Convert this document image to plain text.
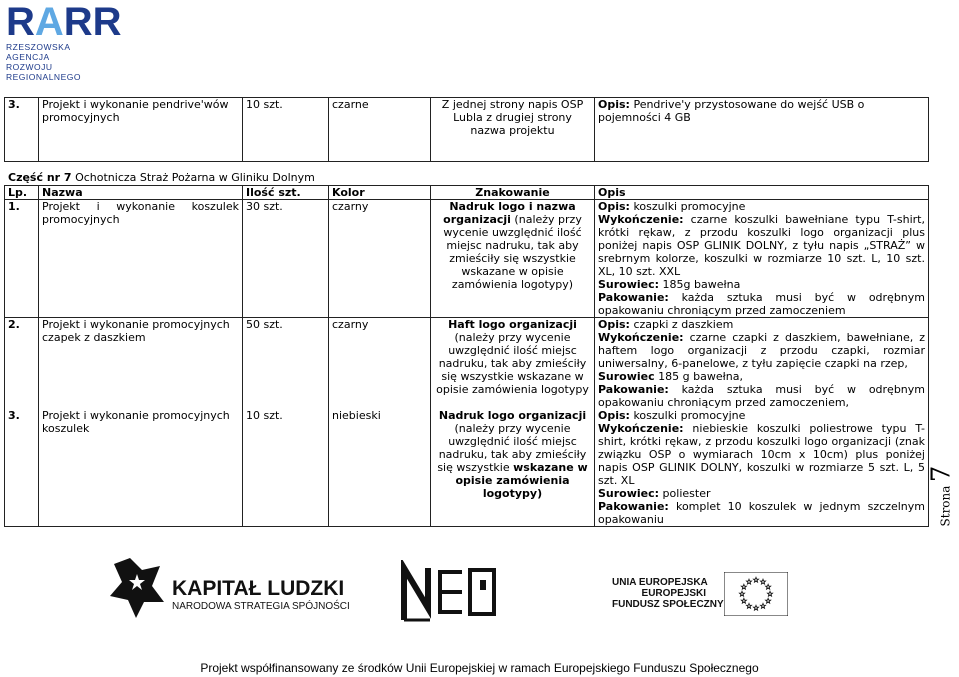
RARR
RZESZOWSKA AGENCJA
ROZWOJU REGIONALNEGO
3.	Projekt i wykonanie pendrive'wów promocyjnych	10 szt.	czarne	Z jednej strony napis OSP Lubla z drugiej strony nazwa projektu	Opis: Pendrive'y przystosowane do wejść USB o pojemności 4 GB
Część nr 7 Ochotnicza Straż Pożarna w Gliniku Dolnym
Lp.	Nazwa	Ilość szt.	Kolor	Znakowanie	Opis
1.	Projekt i wykonanie koszulek promocyjnych	30 szt.	czarny	Nadruk logo i nazwa organizacji (należy przy wycenie uwzględnić ilość miejsc nadruku, tak aby zmieściły się wszystkie wskazane w opisie zamówienia logotypy)	Opis: koszulki promocyjne
Wykończenie: czarne koszulki bawełniane typu T-shirt, krótki rękaw, z przodu koszulki logo organizacji plus poniżej napis OSP GLINIK DOLNY, z tyłu napis „STRAŻ” w srebrnym kolorze, koszulki w rozmiarze 10 szt. L, 10 szt. XL, 10 szt. XXL
Surowiec: 185g bawełna
Pakowanie: każda sztuka musi być w odrębnym opakowaniu chroniącym przed zamoczeniem

2.	Projekt i wykonanie promocyjnych czapek z daszkiem	50 szt.	czarny	Haft logo organizacji (należy przy wycenie uwzględnić ilość miejsc nadruku, tak aby zmieściły się wszystkie wskazane w opisie zamówienia logotypy	Opis: czapki z daszkiem
Wykończenie: czarne czapki z daszkiem, bawełniane, z haftem logo organizacji z przodu czapki, rozmiar uniwersalny, 6-panelowe, z tyłu zapięcie czapki na rzep,
Surowiec 185 g bawełna,
Pakowanie: każda sztuka musi być w odrębnym opakowaniu chroniącym przed zamoczeniem,

3.	Projekt i wykonanie promocyjnych koszulek	10 szt.	niebieski	Nadruk logo organizacji (należy przy wycenie uwzględnić ilość miejsc nadruku, tak aby zmieściły się wszystkie wskazane w opisie zamówienia logotypy)	Opis: koszulki promocyjne
Wykończenie: niebieskie koszulki poliestrowe typu T-shirt, krótki rękaw, z przodu koszulki logo organizacji (znak związku OSP o wymiarach 10cm x 10cm) plus poniżej napis OSP GLINIK DOLNY, koszulki w rozmiarze 5 szt. L, 5 szt. XL
Surowiec: poliester
Pakowanie: komplet 10 koszulek w jednym szczelnym opakowaniu	Strona 7
KAPITAŁ LUDZKI
NARODOWA STRATEGIA SPÓJNOŚCI
UNIA EUROPEJSKA
EUROPEJSKI
FUNDUSZ SPOŁECZNY
Projekt współfinansowany ze środków Unii Europejskiej w ramach Europejskiego Funduszu Społecznego
